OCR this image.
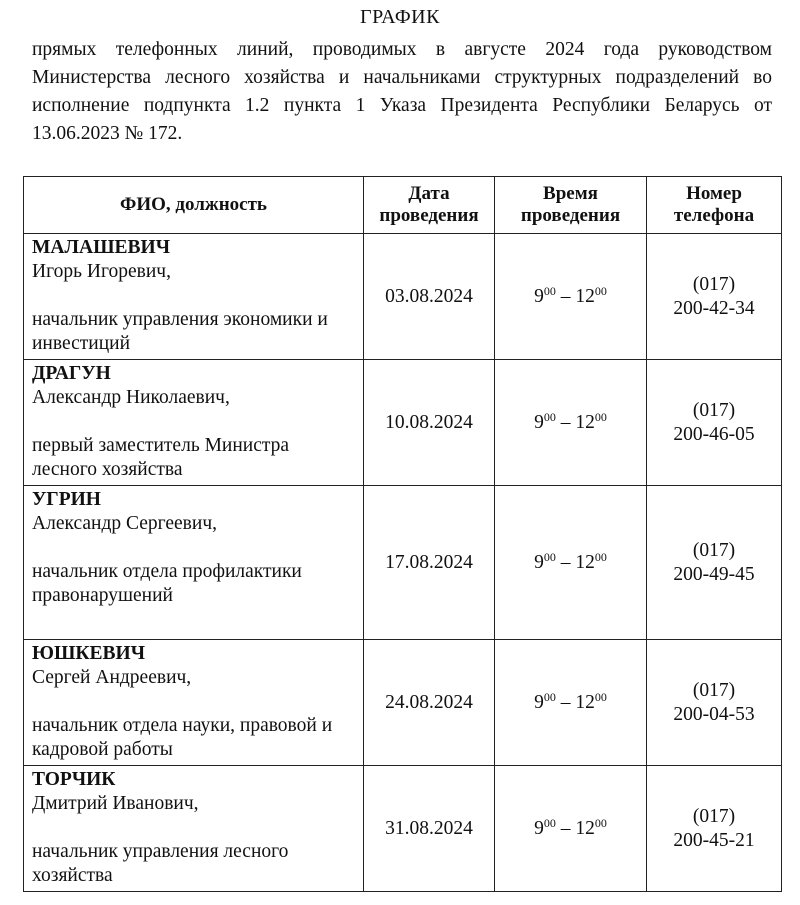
ГРАФИК
прямых телефонных линий, проводимых в августе 2024 года руководством Министерства лесного хозяйства и начальниками структурных подразделений во исполнение подпункта 1.2 пункта 1 Указа Президента Республики Беларусь от 13.06.2023 № 172.
ФИО, должность	Дата проведения	Время проведения	Номер телефона

МАЛАШЕВИЧ
Игорь Игоревич,
начальник управления экономики и инвестиций	03.08.2024	$9^{00} - 12^{00}$	(017)
200-42-34

ДРАГУН
Александр Николаевич,
первый заместитель Министра лесного хозяйства	10.08.2024	$9^{00} - 12^{00}$	(017)
200-46-05

УГРИН
Александр Сергеевич,
начальник отдела профилактики правонарушений	17.08.2024	$9^{00} - 12^{00}$	(017)
200-49-45

ЮШКЕВИЧ
Сергей Андреевич,
начальник отдела науки, правовой и кадровой работы	24.08.2024	$9^{00} - 12^{00}$	(017)
200-04-53

ТОРЧИК
Дмитрий Иванович,
начальник управления лесного хозяйства	31.08.2024	$9^{00} - 12^{00}$	(017)
200-45-21
